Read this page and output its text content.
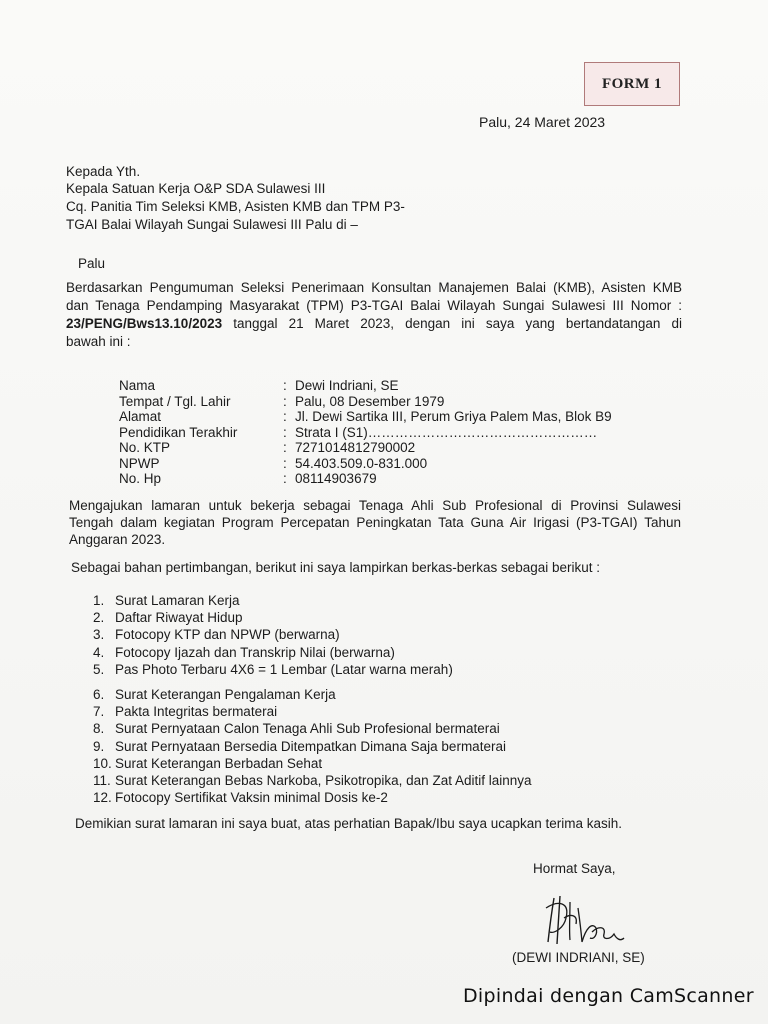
FORM 1
Palu, 24 Maret 2023
Kepada Yth.
Kepala Satuan Kerja O&P SDA Sulawesi III
Cq. Panitia Tim Seleksi KMB, Asisten KMB dan TPM P3-
TGAI Balai Wilayah Sungai Sulawesi III Palu di –
Palu
Berdasarkan Pengumuman Seleksi Penerimaan Konsultan Manajemen Balai (KMB), Asisten KMB
dan Tenaga Pendamping Masyarakat (TPM) P3-TGAI Balai Wilayah Sungai Sulawesi III Nomor :
23/PENG/Bws13.10/2023 tanggal 21 Maret 2023, dengan ini saya yang bertandatangan di
bawah ini :
Nama	: Dewi Indriani, SE
Tempat / Tgl. Lahir	: Palu, 08 Desember 1979
Alamat	: Jl. Dewi Sartika III, Perum Griya Palem Mas, Blok B9
Pendidikan Terakhir	: Strata I (S1)……………………………………………
No. KTP	: 7271014812790002
NPWP	: 54.403.509.0-831.000
No. Hp	: 08114903679
Mengajukan lamaran untuk bekerja sebagai Tenaga Ahli Sub Profesional di Provinsi Sulawesi
Tengah dalam kegiatan Program Percepatan Peningkatan Tata Guna Air Irigasi (P3-TGAI) Tahun
Anggaran 2023.
Sebagai bahan pertimbangan, berikut ini saya lampirkan berkas-berkas sebagai berikut :
1. Surat Lamaran Kerja
2. Daftar Riwayat Hidup
3. Fotocopy KTP dan NPWP (berwarna)
4. Fotocopy Ijazah dan Transkrip Nilai (berwarna)
5. Pas Photo Terbaru 4X6 = 1 Lembar (Latar warna merah)
6. Surat Keterangan Pengalaman Kerja
7. Pakta Integritas bermaterai
8. Surat Pernyataan Calon Tenaga Ahli Sub Profesional bermaterai
9. Surat Pernyataan Bersedia Ditempatkan Dimana Saja bermaterai
10. Surat Keterangan Berbadan Sehat
11. Surat Keterangan Bebas Narkoba, Psikotropika, dan Zat Aditif lainnya
12. Fotocopy Sertifikat Vaksin minimal Dosis ke-2
Demikian surat lamaran ini saya buat, atas perhatian Bapak/Ibu saya ucapkan terima kasih.
Hormat Saya,
(DEWI INDRIANI, SE)
Dipindai dengan CamScanner
